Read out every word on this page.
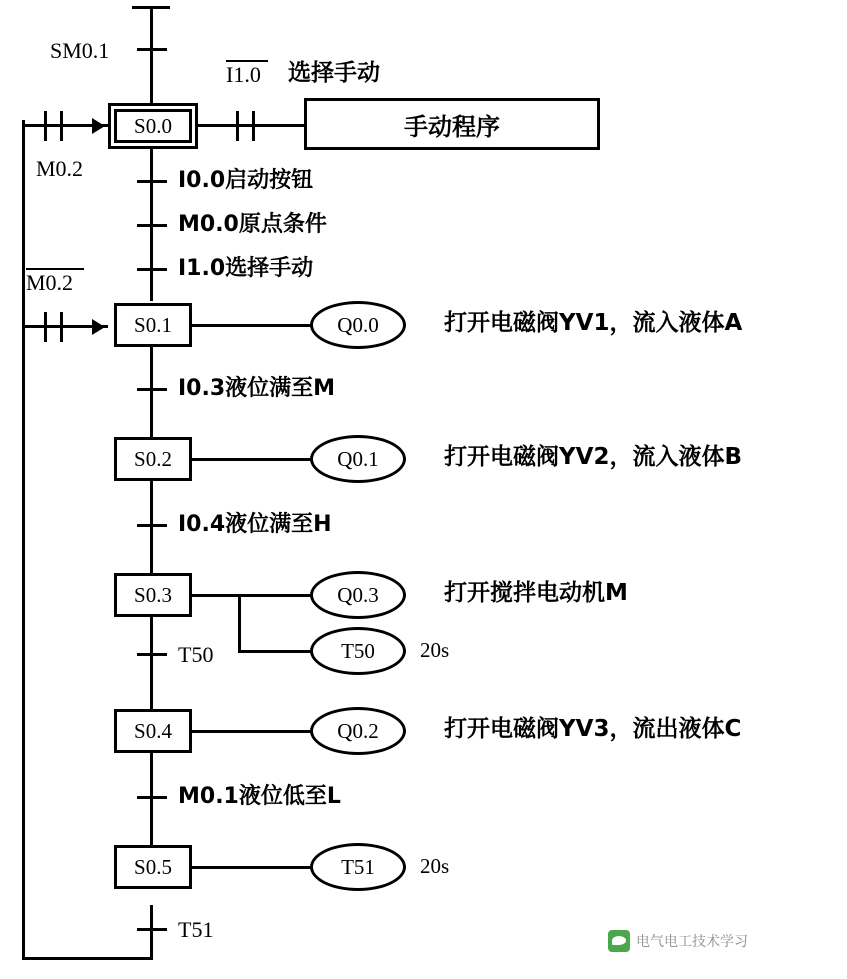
SM0.1
S0.0
I1.0 选择手动
手动程序
M0.2	I0.0启动按钮
M0.0原点条件
I1.0选择手动
M0.2
S0.1	Q0.0	打开电磁阀YV1，流入液体A
I0.3液位满至M
S0.2	Q0.1	打开电磁阀YV2，流入液体B
I0.4液位满至H
S0.3	Q0.3
T50
打开搅拌电动机M
20s
T50
S0.4	Q0.2	打开电磁阀YV3，流出液体C
M0.1液位低至L
S0.5	T51 20s
T51	电气电工技术学习
